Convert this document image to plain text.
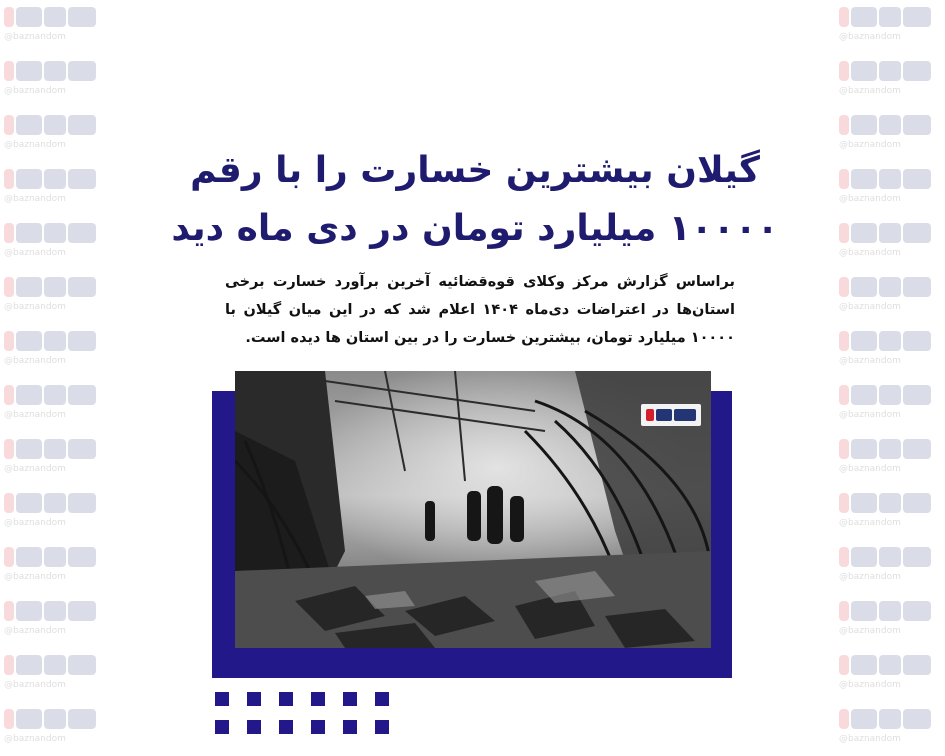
@baznandom
@baznandom
@baznandom
@baznandom
@baznandom
@baznandom
@baznandom
@baznandom
@baznandom
@baznandom
@baznandom
@baznandom
@baznandom
@baznandom
@baznandom
@baznandom
@baznandom
@baznandom
@baznandom
@baznandom
@baznandom
@baznandom
@baznandom
@baznandom
@baznandom
@baznandom
@baznandom
@baznandom
گیلان بیشترین خسارت را با رقم
۱۰۰۰۰ میلیارد تومان در دی ماه دید
براساس گزارش مرکز وکلای قوه‌قضائیه آخرین برآورد خسارت برخی استان‌ها در اعتراضات دی‌ماه ۱۴۰۴ اعلام شد که در این میان گیلان با ۱۰۰۰۰ میلیارد تومان، بیشترین خسارت را در بین استان ها دیده است.
